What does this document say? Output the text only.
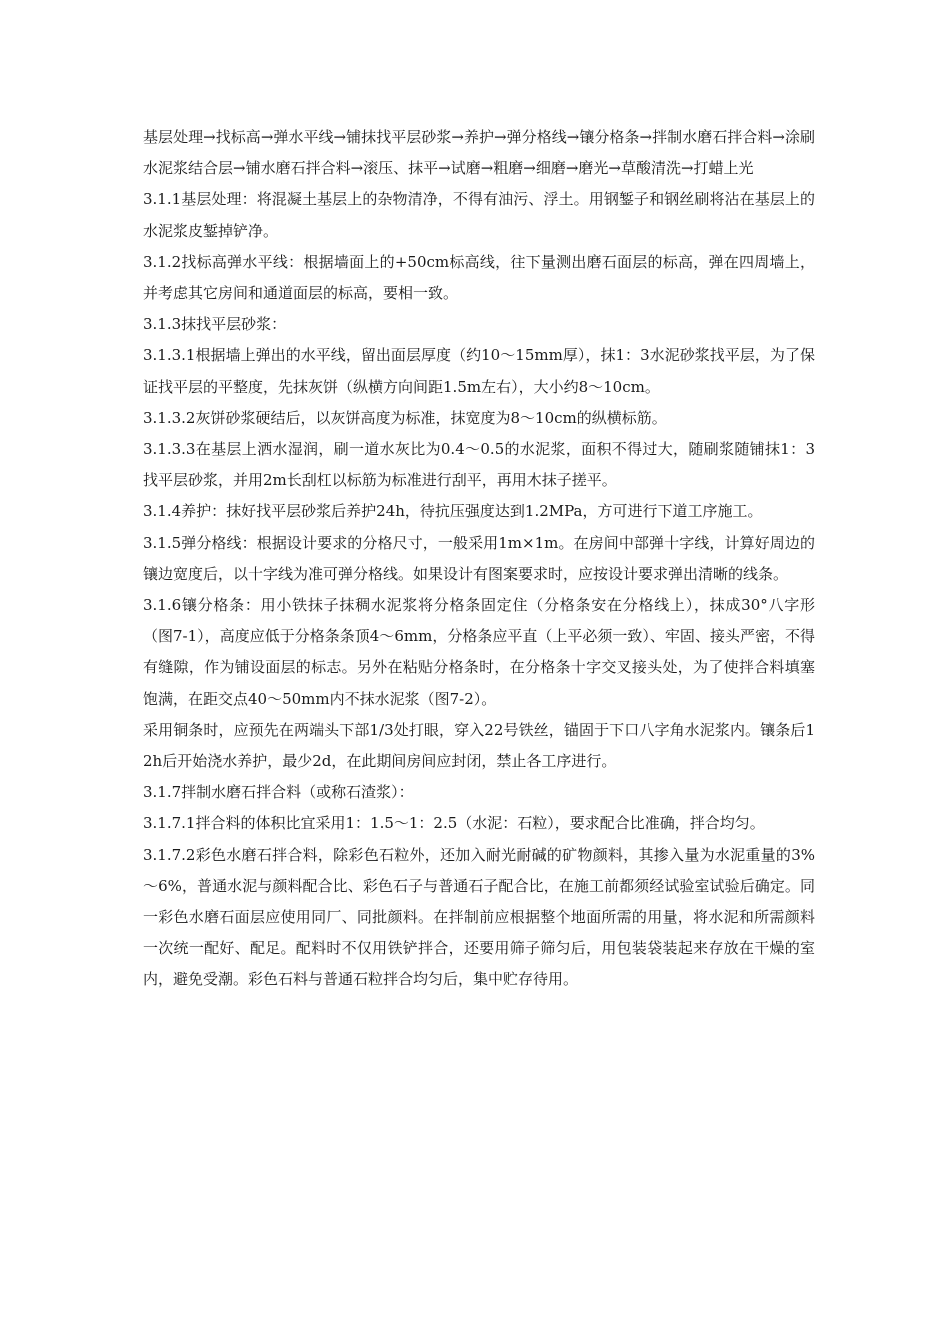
基层处理→找标高→弹水平线→铺抹找平层砂浆→养护→弹分格线→镶分格条→拌制水磨石拌合料→涂刷水泥浆结合层→铺水磨石拌合料→滚压、抹平→试磨→粗磨→细磨→磨光→草酸清洗→打蜡上光

3.1.1基层处理：将混凝土基层上的杂物清净，不得有油污、浮土。用钢錾子和钢丝刷将沾在基层上的水泥浆皮錾掉铲净。

3.1.2找标高弹水平线：根据墙面上的+50cm标高线，往下量测出磨石面层的标高，弹在四周墙上，并考虑其它房间和通道面层的标高，要相一致。

3.1.3抹找平层砂浆：

3.1.3.1根据墙上弹出的水平线，留出面层厚度（约10～15mm厚），抹1：3水泥砂浆找平层，为了保证找平层的平整度，先抹灰饼（纵横方向间距1.5m左右），大小约8～10cm。

3.1.3.2灰饼砂浆硬结后，以灰饼高度为标准，抹宽度为8～10cm的纵横标筋。

3.1.3.3在基层上洒水湿润，刷一道水灰比为0.4～0.5的水泥浆，面积不得过大，随刷浆随铺抹1：3找平层砂浆，并用2m长刮杠以标筋为标准进行刮平，再用木抹子搓平。

3.1.4养护：抹好找平层砂浆后养护24h，待抗压强度达到1.2MPa，方可进行下道工序施工。

3.1.5弹分格线：根据设计要求的分格尺寸，一般采用1m×1m。在房间中部弹十字线，计算好周边的镶边宽度后，以十字线为准可弹分格线。如果设计有图案要求时，应按设计要求弹出清晰的线条。

3.1.6镶分格条：用小铁抹子抹稠水泥浆将分格条固定住（分格条安在分格线上），抹成30°八字形（图7-1），高度应低于分格条条顶4～6mm，分格条应平直（上平必须一致）、牢固、接头严密，不得有缝隙，作为铺设面层的标志。另外在粘贴分格条时，在分格条十字交叉接头处，为了使拌合料填塞饱满，在距交点40～50mm内不抹水泥浆（图7-2）。

采用铜条时，应预先在两端头下部1/3处打眼，穿入22号铁丝，锚固于下口八字角水泥浆内。镶条后12h后开始浇水养护，最少2d，在此期间房间应封闭，禁止各工序进行。

3.1.7拌制水磨石拌合料（或称石渣浆）：

3.1.7.1拌合料的体积比宜采用1：1.5～1：2.5（水泥：石粒），要求配合比准确，拌合均匀。

3.1.7.2彩色水磨石拌合料，除彩色石粒外，还加入耐光耐碱的矿物颜料，其掺入量为水泥重量的3%～6%，普通水泥与颜料配合比、彩色石子与普通石子配合比，在施工前都须经试验室试验后确定。同一彩色水磨石面层应使用同厂、同批颜料。在拌制前应根据整个地面所需的用量，将水泥和所需颜料一次统一配好、配足。配料时不仅用铁铲拌合，还要用筛子筛匀后，用包装袋装起来存放在干燥的室内，避免受潮。彩色石料与普通石粒拌合均匀后，集中贮存待用。
